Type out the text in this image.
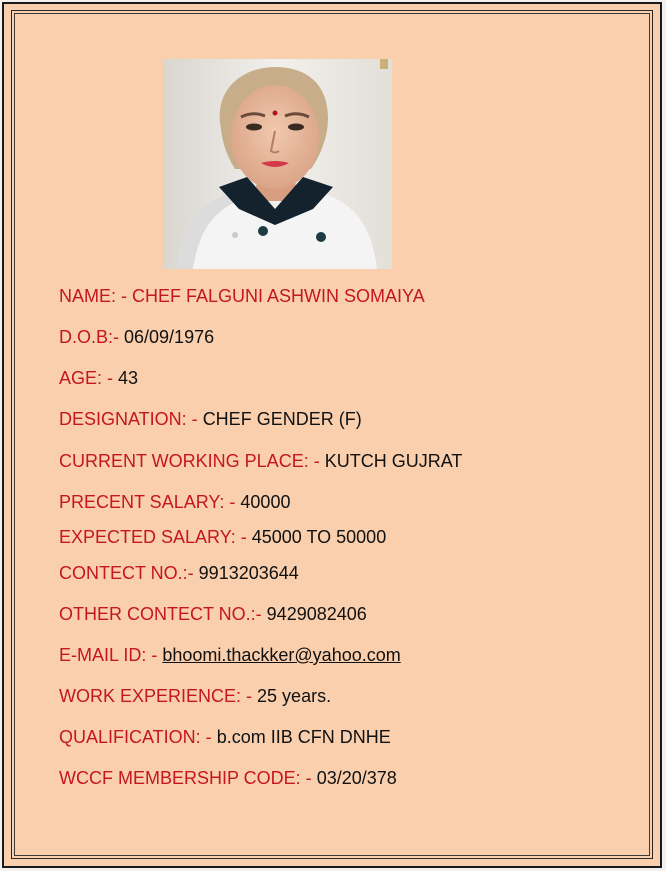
NAME: - CHEF FALGUNI ASHWIN SOMAIYA
D.O.B:- 06/09/1976
AGE: - 43
DESIGNATION: - CHEF GENDER (F)
CURRENT WORKING PLACE: - KUTCH GUJRAT
PRECENT SALARY: - 40000
EXPECTED SALARY: - 45000 TO 50000
CONTECT NO.:- 9913203644
OTHER CONTECT NO.:- 9429082406
E-MAIL ID: - bhoomi.thackker@yahoo.com
WORK EXPERIENCE: - 25 years.
QUALIFICATION: - b.com IIB CFN DNHE
WCCF MEMBERSHIP CODE: - 03/20/378
